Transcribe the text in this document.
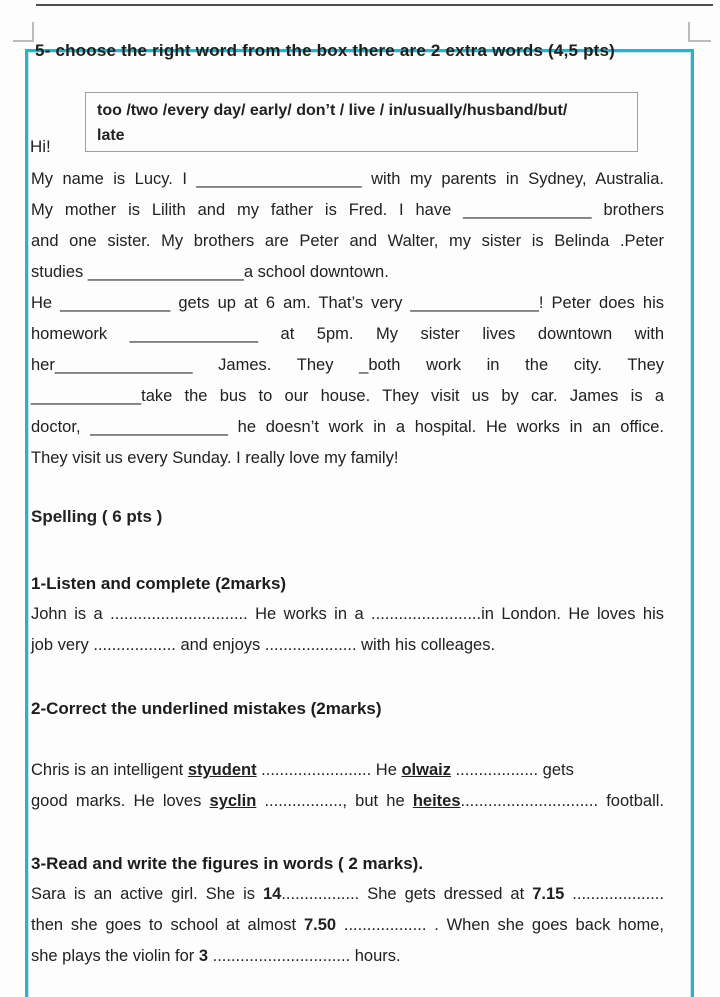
5- choose the right word from the box there are 2 extra words (4,5 pts)
too /two /every day/ early/ don’t / live / in/usually/husband/but/
late
Hi!
My name is Lucy. I __________________ with my parents in Sydney, Australia.
My mother is Lilith and my father is Fred. I have ______________ brothers
and one sister. My brothers are Peter and Walter, my sister is Belinda .Peter
studies _________________a school downtown.
He ____________ gets up at 6 am. That’s very ______________! Peter does his
homework ______________ at 5pm. My sister lives downtown with
her_______________ James. They _both work in the city. They
____________take the bus to our house. They visit us by car. James is a
doctor, _______________ he doesn’t work in a hospital. He works in an office.
They visit us every Sunday. I really love my family!
Spelling ( 6 pts )
1-Listen and complete (2marks)
John is a .............................. He works in a ........................in London. He loves his
job very .................. and enjoys .................... with his colleages.
2-Correct the underlined mistakes (2marks)
Chris is an intelligent styudent ........................ He olwaiz .................. gets
good marks. He loves syclin ................., but he heites.............................. football.
3-Read and write the figures in words ( 2 marks).
Sara is an active girl. She is 14................. She gets dressed at 7.15 ....................
then she goes to school at almost 7.50 .................. . When she goes back home,
she plays the violin for 3 .............................. hours.
